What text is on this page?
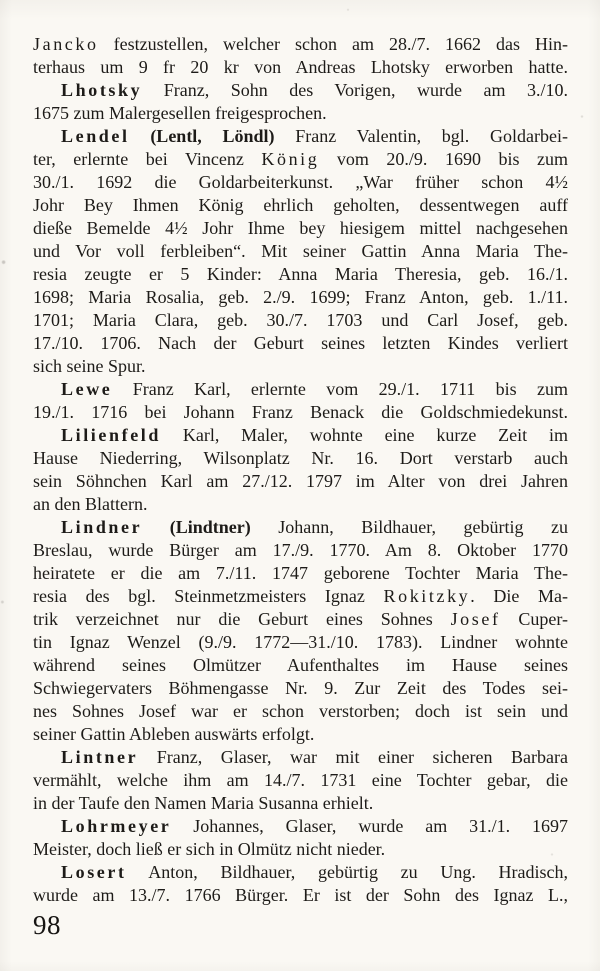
Jancko festzustellen, welcher schon am 28./7. 1662 das Hin-
terhaus um 9 fr 20 kr von Andreas Lhotsky erworben hatte.
Lhotsky Franz, Sohn des Vorigen, wurde am 3./10.
1675 zum Malergesellen freigesprochen.
Lendel (Lentl, Löndl) Franz Valentin, bgl. Goldarbei-
ter, erlernte bei Vincenz König vom 20./9. 1690 bis zum
30./1. 1692 die Goldarbeiterkunst. „War früher schon 4½
Johr Bey Ihmen König ehrlich geholten, dessentwegen auff
dieße Bemelde 4½ Johr Ihme bey hiesigem mittel nachgesehen
und Vor voll ferbleiben“. Mit seiner Gattin Anna Maria The-
resia zeugte er 5 Kinder: Anna Maria Theresia, geb. 16./1.
1698; Maria Rosalia, geb. 2./9. 1699; Franz Anton, geb. 1./11.
1701; Maria Clara, geb. 30./7. 1703 und Carl Josef, geb.
17./10. 1706. Nach der Geburt seines letzten Kindes verliert
sich seine Spur.
Lewe Franz Karl, erlernte vom 29./1. 1711 bis zum
19./1. 1716 bei Johann Franz Benack die Goldschmiedekunst.
Lilienfeld Karl, Maler, wohnte eine kurze Zeit im
Hause Niederring, Wilsonplatz Nr. 16. Dort verstarb auch
sein Söhnchen Karl am 27./12. 1797 im Alter von drei Jahren
an den Blattern.
Lindner (Lindtner) Johann, Bildhauer, gebürtig zu
Breslau, wurde Bürger am 17./9. 1770. Am 8. Oktober 1770
heiratete er die am 7./11. 1747 geborene Tochter Maria The-
resia des bgl. Steinmetzmeisters Ignaz Rokitzky. Die Ma-
trik verzeichnet nur die Geburt eines Sohnes Josef Cuper-
tin Ignaz Wenzel (9./9. 1772—31./10. 1783). Lindner wohnte
während seines Olmützer Aufenthaltes im Hause seines
Schwiegervaters Böhmengasse Nr. 9. Zur Zeit des Todes sei-
nes Sohnes Josef war er schon verstorben; doch ist sein und
seiner Gattin Ableben auswärts erfolgt.
Lintner Franz, Glaser, war mit einer sicheren Barbara
vermählt, welche ihm am 14./7. 1731 eine Tochter gebar, die
in der Taufe den Namen Maria Susanna erhielt.
Lohrmeyer Johannes, Glaser, wurde am 31./1. 1697
Meister, doch ließ er sich in Olmütz nicht nieder.
Losert Anton, Bildhauer, gebürtig zu Ung. Hradisch,
wurde am 13./7. 1766 Bürger. Er ist der Sohn des Ignaz L.,
98
